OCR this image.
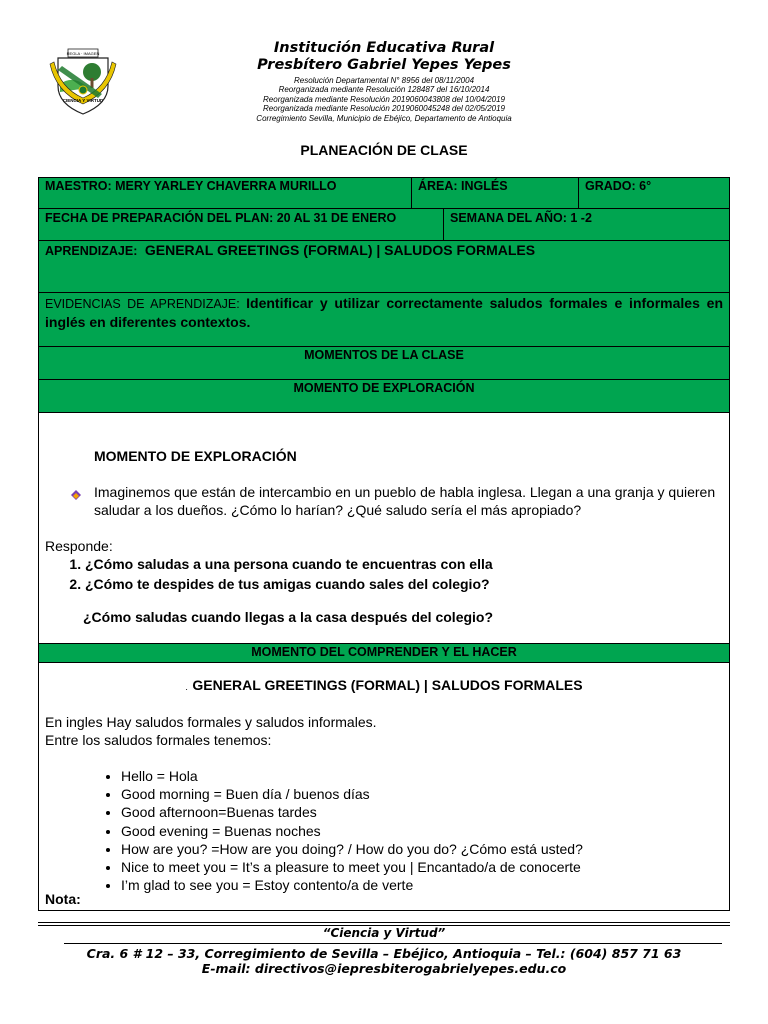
REGLA · IMAGEN
CIENCIA Y VIRTUD

Institución Educativa Rural

Presbítero Gabriel Yepes Yepes

Resolución Departamental N° 8956 del 08/11/2004
Reorganizada mediante Resolución 128487 del 16/10/2014
Reorganizada mediante Resolución 2019060043808 del 10/04/2019
Reorganizada mediante Resolución 2019060045248 del 02/05/2019
Corregimiento Sevilla, Municipio de Ebéjico, Departamento de Antioquia
PLANEACIÓN DE CLASE
MAESTRO: MERY YARLEY CHAVERRA MURILLO	ÁREA: INGLÉS	GRADO: 6°
FECHA DE PREPARACIÓN DEL PLAN: 20 AL 31 DE ENERO	SEMANA DEL AÑO: 1 -2
APRENDIZAJE: GENERAL GREETINGS (FORMAL) | SALUDOS FORMALES
EVIDENCIAS DE APRENDIZAJE: Identificar y utilizar correctamente saludos formales e informales en inglés en diferentes contextos.
MOMENTOS DE LA CLASE
MOMENTO DE EXPLORACIÓN
MOMENTO DE EXPLORACIÓN
Imaginemos que están de intercambio en un pueblo de habla inglesa. Llegan a una granja y quieren saludar a los dueños. ¿Cómo lo harían? ¿Qué saludo sería el más apropiado?
Responde:
1. ¿Cómo saludas a una persona cuando te encuentras con ella
2. ¿Cómo te despides de tus amigas cuando sales del colegio?
¿Cómo saludas cuando llegas a la casa después del colegio?
MOMENTO DEL COMPRENDER Y EL HACER
. GENERAL GREETINGS (FORMAL) | SALUDOS FORMALES
En ingles Hay saludos formales y saludos informales.
Entre los saludos formales tenemos:
• Hello = Hola
• Good morning = Buen día / buenos días
• Good afternoon=Buenas tardes
• Good evening = Buenas noches
• How are you? =How are you doing? / How do you do? ¿Cómo está usted?
• Nice to meet you = It’s a pleasure to meet you | Encantado/a de conocerte
• I’m glad to see you = Estoy contento/a de verte
Nota:
“Ciencia y Virtud”
Cra. 6 # 12 – 33, Corregimiento de Sevilla – Ebéjico, Antioquia – Tel.: (604) 857 71 63
E-mail: directivos@iepresbiterogabrielyepes.edu.co
